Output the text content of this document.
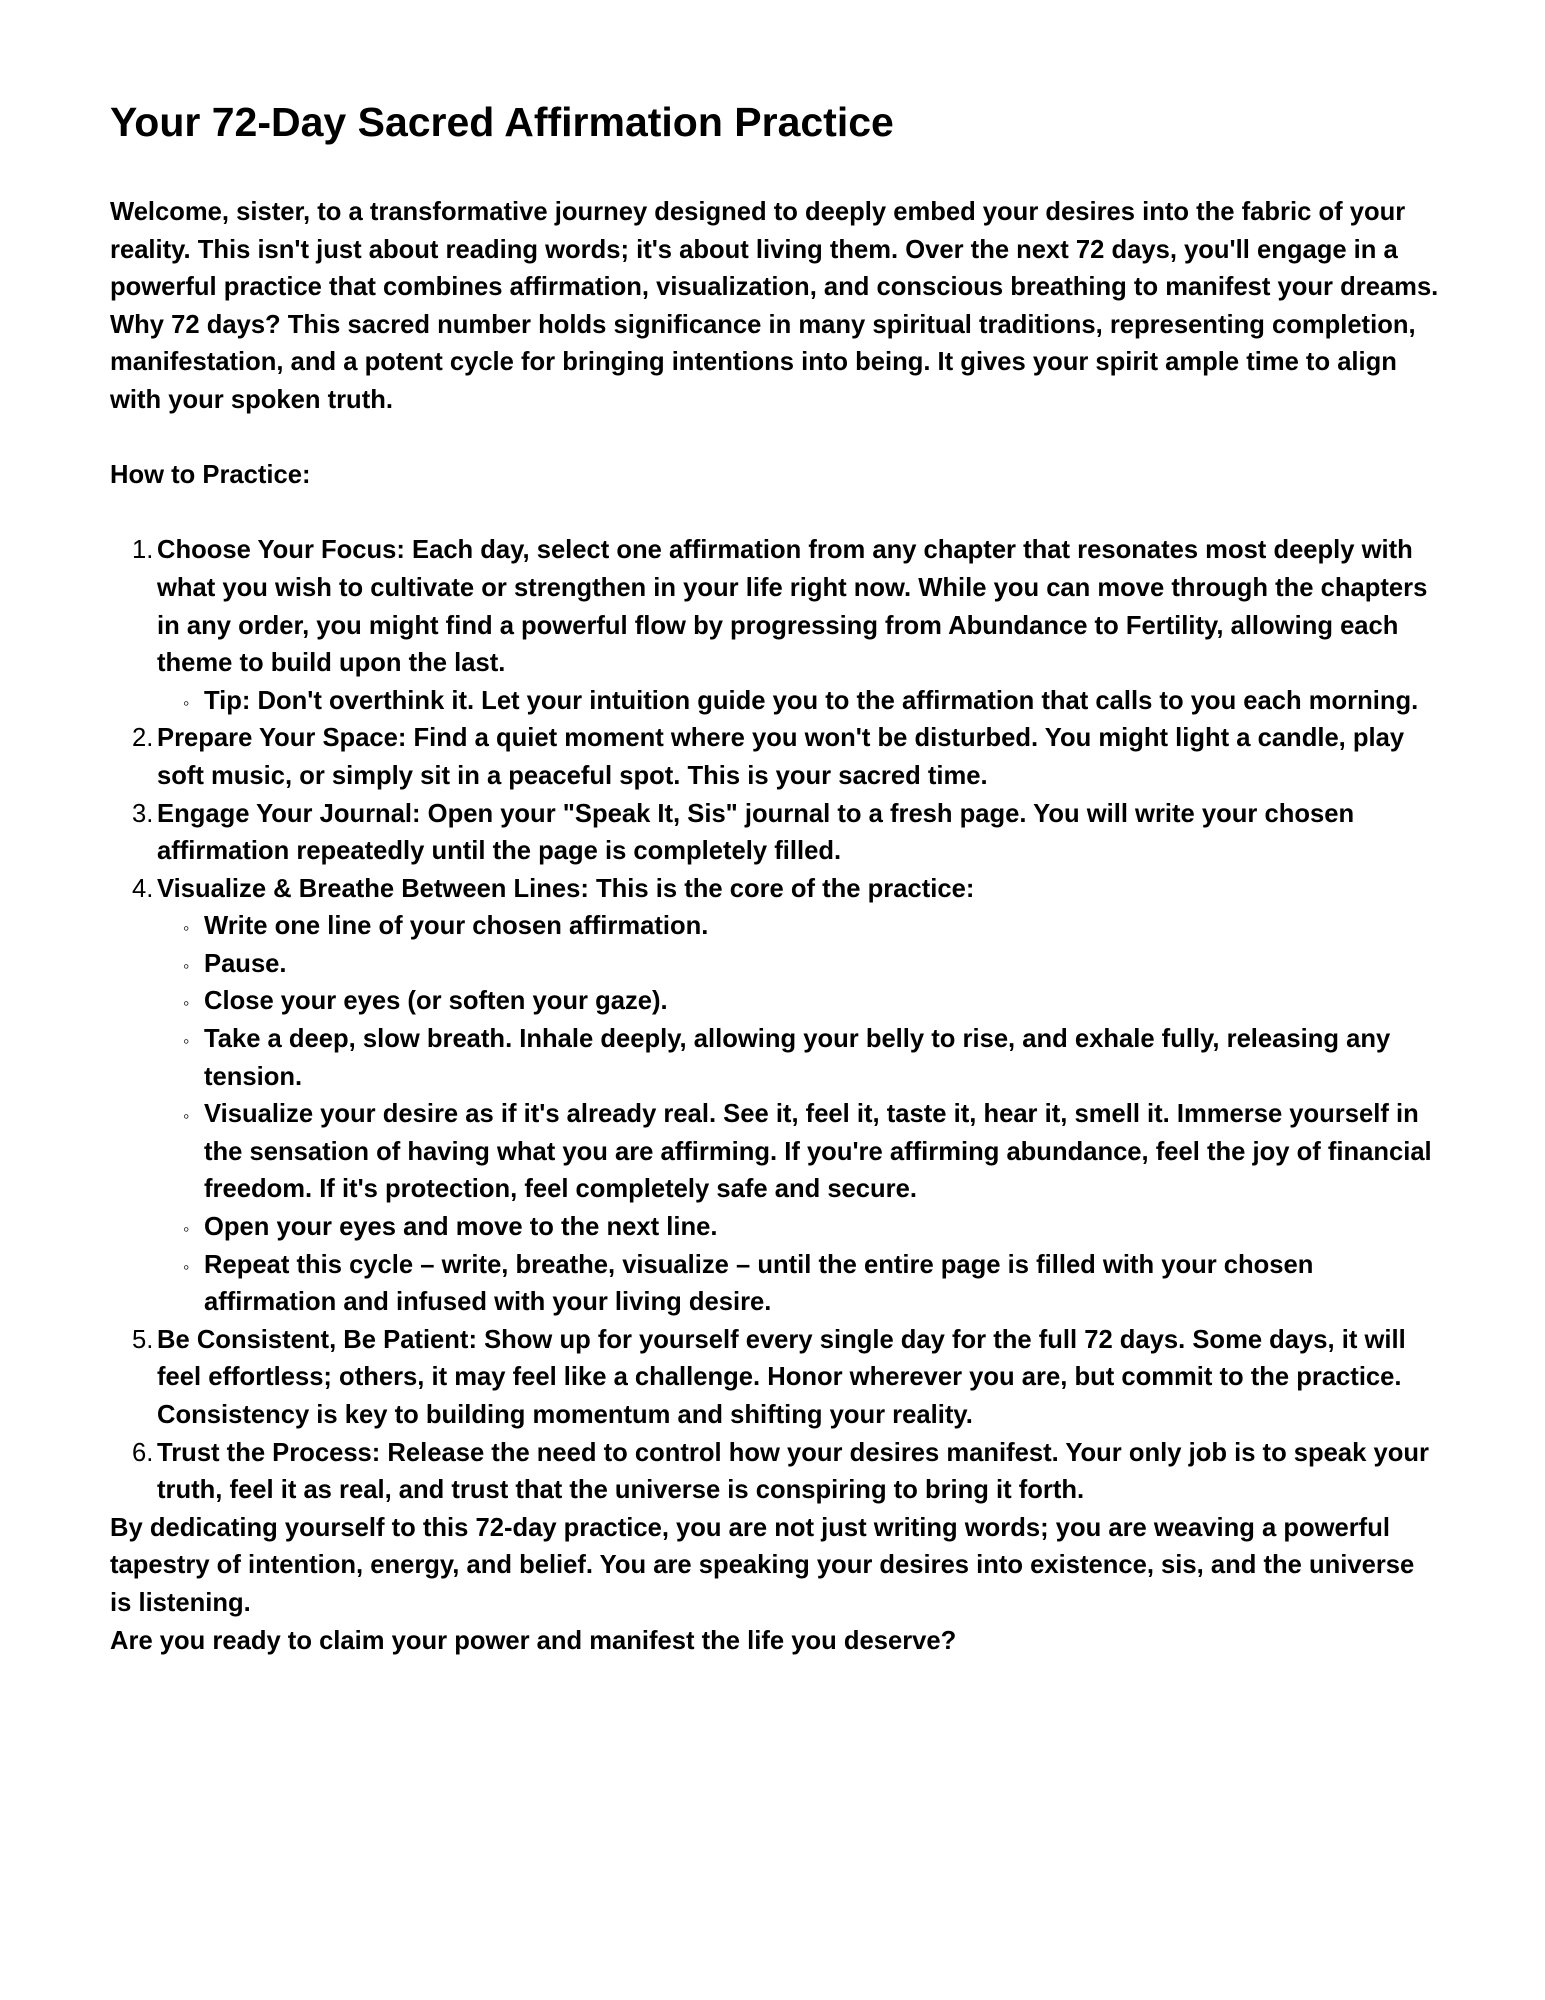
Your 72-Day Sacred Affirmation Practice

Welcome, sister, to a transformative journey designed to deeply embed your desires into the fabric of your reality. This isn't just about reading words; it's about living them. Over the next 72 days, you'll engage in a powerful practice that combines affirmation, visualization, and conscious breathing to manifest your dreams.

Why 72 days? This sacred number holds significance in many spiritual traditions, representing completion, manifestation, and a potent cycle for bringing intentions into being. It gives your spirit ample time to align with your spoken truth.

How to Practice:

1. Choose Your Focus: Each day, select one affirmation from any chapter that resonates most deeply with what you wish to cultivate or strengthen in your life right now. While you can move through the chapters in any order, you might find a powerful flow by progressing from Abundance to Fertility, allowing each theme to build upon the last.
◦ Tip: Don't overthink it. Let your intuition guide you to the affirmation that calls to you each morning.
2. Prepare Your Space: Find a quiet moment where you won't be disturbed. You might light a candle, play soft music, or simply sit in a peaceful spot. This is your sacred time.
3. Engage Your Journal: Open your "Speak It, Sis" journal to a fresh page. You will write your chosen affirmation repeatedly until the page is completely filled.
4. Visualize & Breathe Between Lines: This is the core of the practice:
◦ Write one line of your chosen affirmation.
◦ Pause.
◦ Close your eyes (or soften your gaze).
◦ Take a deep, slow breath. Inhale deeply, allowing your belly to rise, and exhale fully, releasing any tension.
◦ Visualize your desire as if it's already real. See it, feel it, taste it, hear it, smell it. Immerse yourself in the sensation of having what you are affirming. If you're affirming abundance, feel the joy of financial freedom. If it's protection, feel completely safe and secure.
◦ Open your eyes and move to the next line.
◦ Repeat this cycle – write, breathe, visualize – until the entire page is filled with your chosen affirmation and infused with your living desire.
5. Be Consistent, Be Patient: Show up for yourself every single day for the full 72 days. Some days, it will feel effortless; others, it may feel like a challenge. Honor wherever you are, but commit to the practice. Consistency is key to building momentum and shifting your reality.
6. Trust the Process: Release the need to control how your desires manifest. Your only job is to speak your truth, feel it as real, and trust that the universe is conspiring to bring it forth.

By dedicating yourself to this 72-day practice, you are not just writing words; you are weaving a powerful tapestry of intention, energy, and belief. You are speaking your desires into existence, sis, and the universe is listening.

Are you ready to claim your power and manifest the life you deserve?
